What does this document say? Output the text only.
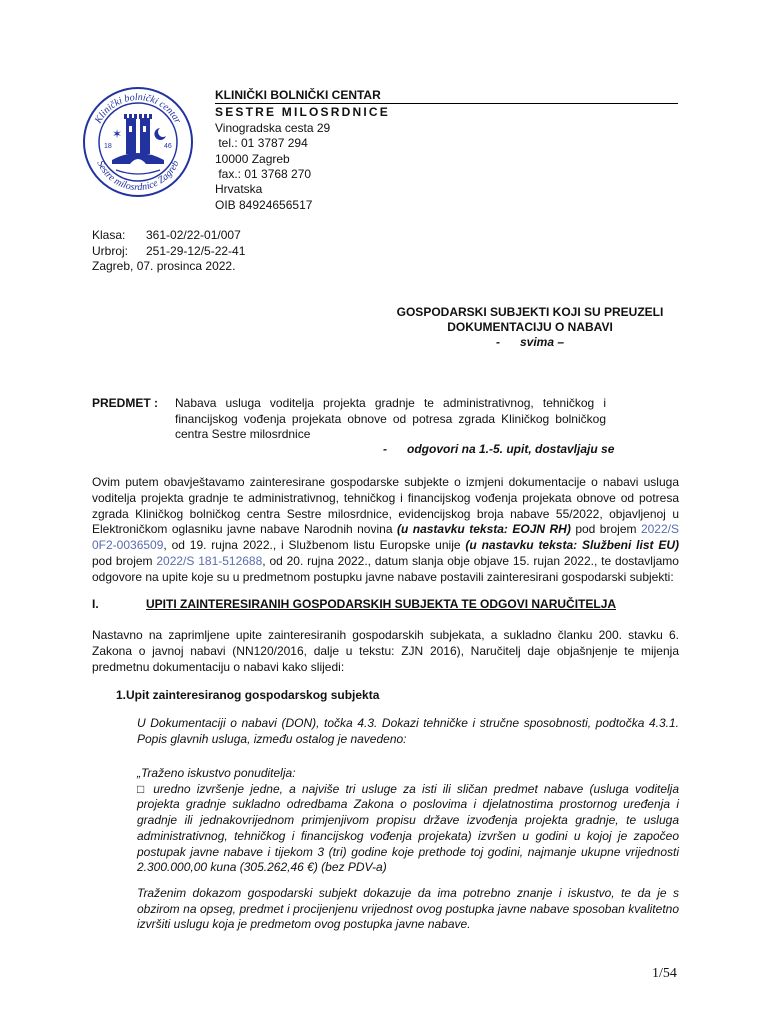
Klinički bolnički centar
Sestre milosrdnice Zagreb
18	46
✶
KLINIČKI BOLNIČKI CENTAR
SESTRE MILOSRDNICE
Vinogradska cesta 29
tel.: 01 3787 294
10000 Zagreb
fax.: 01 3768 270
Hrvatska
OIB 84924656517
Klasa: 361-02/22-01/007
Urbroj: 251-29-12/5-22-41
Zagreb, 07. prosinca 2022.
GOSPODARSKI SUBJEKTI KOJI SU PREUZELI
DOKUMENTACIJU O NABAVI
-      svima –
PREDMET : Nabava usluga voditelja projekta gradnje te administrativnog, tehničkog i financijskog vođenja projekata obnove od potresa zgrada Kliničkog bolničkog centra Sestre milosrdnice
-      odgovori na 1.-5. upit, dostavljaju se
Ovim putem obavještavamo zainteresirane gospodarske subjekte o izmjeni dokumentacije o nabavi usluga voditelja projekta gradnje te administrativnog, tehničkog i financijskog vođenja projekata obnove od potresa zgrada Kliničkog bolničkog centra Sestre milosrdnice, evidencijskog broja nabave 55/2022, objavljenoj u Elektroničkom oglasniku javne nabave Narodnih novina (u nastavku teksta: EOJN RH) pod brojem 2022/S 0F2-0036509, od 19. rujna 2022., i Službenom listu Europske unije (u nastavku teksta: Službeni list EU) pod brojem 2022/S 181-512688, od 20. rujna 2022., datum slanja obje objave 15. rujan 2022., te dostavljamo odgovore na upite koje su u predmetnom postupku javne nabave postavili zainteresirani gospodarski subjekti:
I.	UPITI ZAINTERESIRANIH GOSPODARSKIH SUBJEKTA TE ODGOVI NARUČITELJA
Nastavno na zaprimljene upite zainteresiranih gospodarskih subjekata, a sukladno članku 200. stavku 6. Zakona o javnoj nabavi (NN120/2016, dalje u tekstu: ZJN 2016), Naručitelj daje objašnjenje te mijenja predmetnu dokumentaciju o nabavi kako slijedi:
1.Upit zainteresiranog gospodarskog subjekta
U Dokumentaciji o nabavi (DON), točka 4.3. Dokazi tehničke i stručne sposobnosti, podtočka 4.3.1. Popis glavnih usluga, između ostalog je navedeno:
„Traženo iskustvo ponuditelja:
□ uredno izvršenje jedne, a najviše tri usluge za isti ili sličan predmet nabave (usluga voditelja projekta gradnje sukladno odredbama Zakona o poslovima i djelatnostima prostornog uređenja i gradnje ili jednakovrijednom primjenjivom propisu države izvođenja projekta gradnje, te usluga administrativnog, tehničkog i financijskog vođenja projekata) izvršen u godini u kojoj je započeo postupak javne nabave i tijekom 3 (tri) godine koje prethode toj godini, najmanje ukupne vrijednosti 2.300.000,00 kuna (305.262,46 €) (bez PDV-a)
Traženim dokazom gospodarski subjekt dokazuje da ima potrebno znanje i iskustvo, te da je s obzirom na opseg, predmet i procijenjenu vrijednost ovog postupka javne nabave sposoban kvalitetno izvršiti uslugu koja je predmetom ovog postupka javne nabave.
1/54
